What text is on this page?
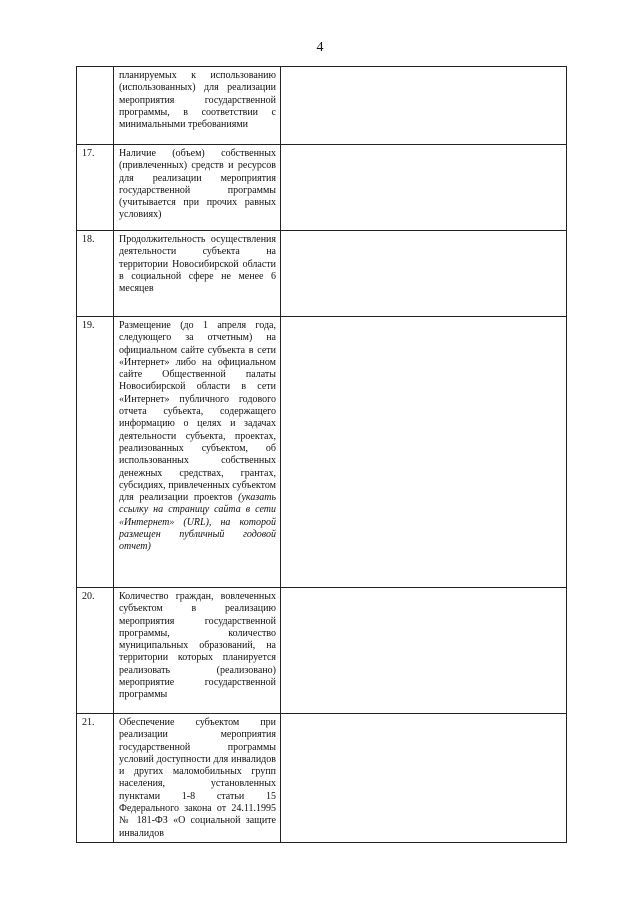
4
	планируемых к использованию (использованных) для реализации мероприятия государственной программы, в соответствии с минимальными требованиями	
17.	Наличие (объем) собственных (привлеченных) средств и ресурсов для реализации мероприятия государственной программы (учитывается при прочих равных условиях)	
18.	Продолжительность осуществления деятельности субъекта на территории Новосибирской области в социальной сфере не менее 6 месяцев	
19.	Размещение (до 1 апреля года, следующего за отчетным) на официальном сайте субъекта в сети «Интернет» либо на официальном сайте Общественной палаты Новосибирской области в сети «Интернет» публичного годового отчета субъекта, содержащего информацию о целях и задачах деятельности субъекта, проектах, реализованных субъектом, об использованных собственных денежных средствах, грантах, субсидиях, привлеченных субъектом для реализации проектов (указать ссылку на страницу сайта в сети «Интернет» (URL), на которой размещен публичный годовой отчет)	
20.	Количество граждан, вовлеченных субъектом в реализацию мероприятия государственной программы, количество муниципальных образований, на территории которых планируется реализовать (реализовано) мероприятие государственной программы	
21.	Обеспечение субъектом при реализации мероприятия государственной программы условий доступности для инвалидов и других маломобильных групп населения, установленных пунктами 1-8 статьи 15 Федерального закона от 24.11.1995 № 181-ФЗ «О социальной защите инвалидов	
